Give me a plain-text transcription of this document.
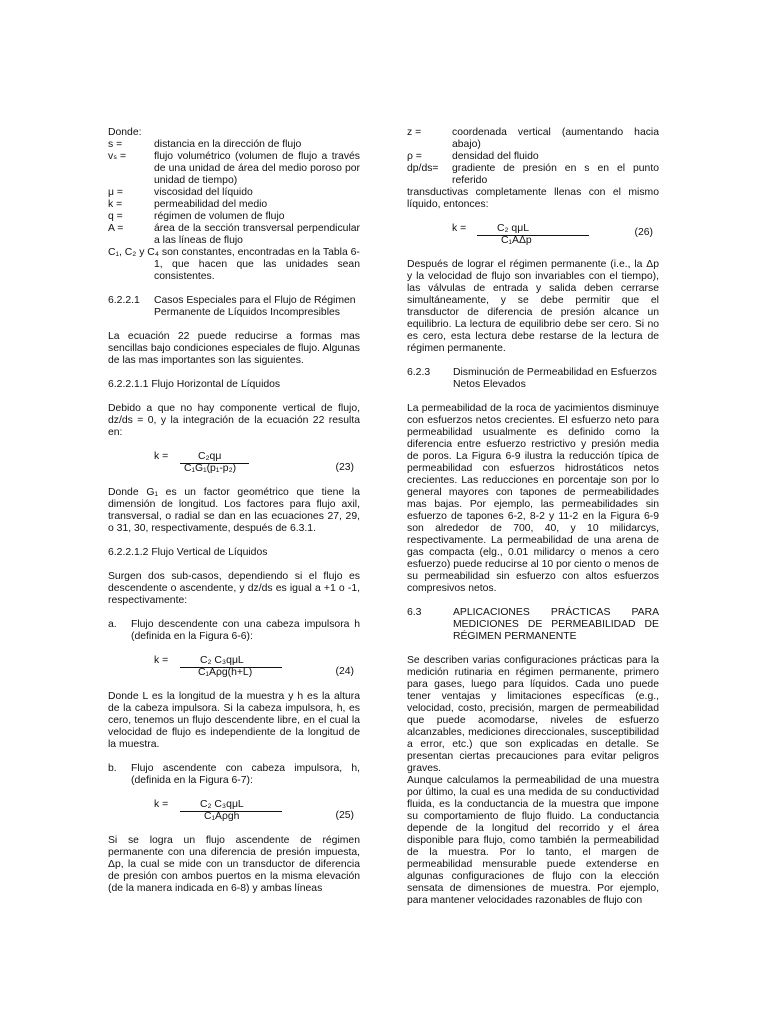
Donde:

s =	distancia en la dirección de flujo
vₛ =	flujo volumétrico (volumen de flujo a través de una unidad de área del medio poroso por unidad de tiempo)
μ =	viscosidad del líquido
k =	permeabilidad del medio
q =	régimen de volumen de flujo
A =	área de la sección transversal perpendicular a las líneas de flujo

C₁, C₂ y C₄ son constantes, encontradas en la Tabla 6-

1, que hacen que las unidades sean consistentes.

6.2.2.1	Casos Especiales para el Flujo de Régimen Permanente de Líquidos Incompresibles

La ecuación 22 puede reducirse a formas mas sencillas bajo condiciones especiales de flujo. Algunas de las mas importantes son las siguientes.

6.2.2.1.1 Flujo Horizontal de Líquidos

Debido a que no hay componente vertical de flujo, dz/ds = 0, y la integración de la ecuación 22 resulta en:

k =	C₂qμ
C₁G₁(p₁-p₂)	(23)

Donde G₁ es un factor geométrico que tiene la dimensión de longitud. Los factores para flujo axil, transversal, o radial se dan en las ecuaciones 27, 29, o 31, 30, respectivamente, después de 6.3.1.

6.2.2.1.2 Flujo Vertical de Líquidos

Surgen dos sub-casos, dependiendo si el flujo es descendente o ascendente, y dz/ds es igual a +1 o -1, respectivamente:

a.	Flujo descendente con una cabeza impulsora h (definida en la Figura 6-6):
k =	C₂ C₃qμL
C₁Aρg(h+L)	(24)

Donde L es la longitud de la muestra y h es la altura de la cabeza impulsora. Si la cabeza impulsora, h, es cero, tenemos un flujo descendente libre, en el cual la velocidad de flujo es independiente de la longitud de la muestra.

b.	Flujo ascendente con cabeza impulsora, h, (definida en la Figura 6-7):
k =	C₂ C₃qμL
C₁Aρgh	(25)

Si se logra un flujo ascendente de régimen permanente con una diferencia de presión impuesta, Δp, la cual se mide con un transductor de diferencia de presión con ambos puertos en la misma elevación (de la manera indicada en 6-8) y ambas líneas

z =	coordenada vertical (aumentando hacia abajo)
ρ =	densidad del fluido
dp/ds=	gradiente de presión en s en el punto referido

transductivas completamente llenas con el mismo líquido, entonces:

k =	C₂ qμL
C₁AΔp
(26)

Después de lograr el régimen permanente (i.e., la Δp y la velocidad de flujo son invariables con el tiempo), las válvulas de entrada y salida deben cerrarse simultáneamente, y se debe permitir que el transductor de diferencia de presión alcance un equilibrio. La lectura de equilibrio debe ser cero. Si no es cero, esta lectura debe restarse de la lectura de régimen permanente.

6.2.3	Disminución de Permeabilidad en Esfuerzos Netos Elevados

La permeabilidad de la roca de yacimientos disminuye con esfuerzos netos crecientes. El esfuerzo neto para permeabilidad usualmente es definido como la diferencia entre esfuerzo restrictivo y presión media de poros. La Figura 6-9 ilustra la reducción típica de permeabilidad con esfuerzos hidrostáticos netos crecientes. Las reducciones en porcentaje son por lo general mayores con tapones de permeabilidades mas bajas. Por ejemplo, las permeabilidades sin esfuerzo de tapones 6-2, 8-2 y 11-2 en la Figura 6-9 son alrededor de 700, 40, y 10 milidarcys, respectivamente. La permeabilidad de una arena de gas compacta (elg., 0.01 milidarcy o menos a cero esfuerzo) puede reducirse al 10 por ciento o menos de su permeabilidad sin esfuerzo con altos esfuerzos compresivos netos.

6.3	APLICACIONES PRÁCTICAS PARA MEDICIONES DE PERMEABILIDAD DE RÉGIMEN PERMANENTE

Se describen varias configuraciones prácticas para la medición rutinaria en régimen permanente, primero para gases, luego para líquidos. Cada uno puede tener ventajas y limitaciones específicas (e.g., velocidad, costo, precisión, margen de permeabilidad que puede acomodarse, niveles de esfuerzo alcanzables, mediciones direccionales, susceptibilidad a error, etc.) que son explicadas en detalle. Se presentan ciertas precauciones para evitar peligros graves.

Aunque calculamos la permeabilidad de una muestra por último, la cual es una medida de su conductividad fluida, es la conductancia de la muestra que impone su comportamiento de flujo fluido. La conductancia depende de la longitud del recorrido y el área disponible para flujo, como también la permeabilidad de la muestra. Por lo tanto, el margen de permeabilidad mensurable puede extenderse en algunas configuraciones de flujo con la elección sensata de dimensiones de muestra. Por ejemplo, para mantener velocidades razonables de flujo con
